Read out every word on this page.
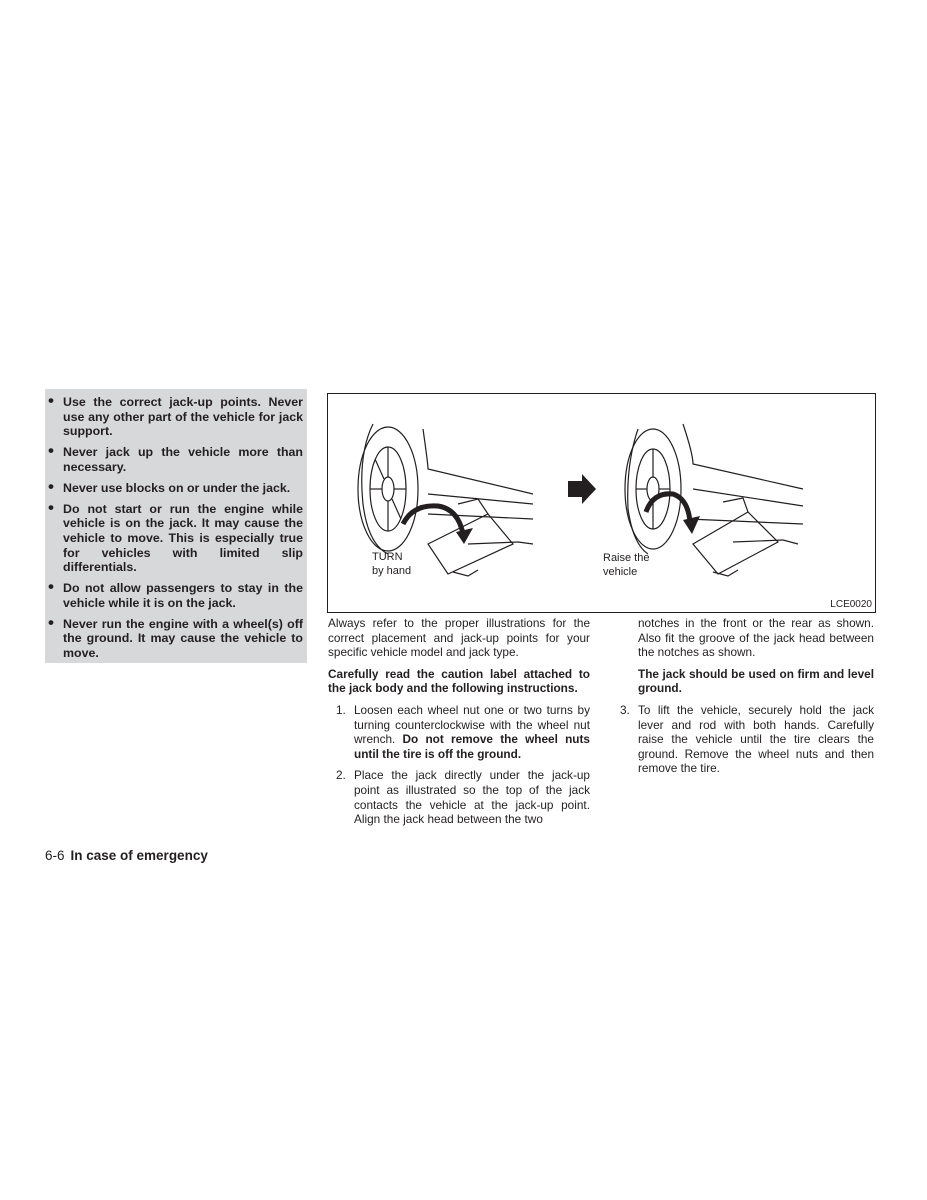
• Use the correct jack-up points. Never use any other part of the vehicle for jack support.
• Never jack up the vehicle more than necessary.
• Never use blocks on or under the jack.
• Do not start or run the engine while vehicle is on the jack. It may cause the vehicle to move. This is especially true for vehicles with limited slip differentials.
• Do not allow passengers to stay in the vehicle while it is on the jack.
• Never run the engine with a wheel(s) off the ground. It may cause the vehicle to move.
TURN
by hand
Raise the
vehicle
LCE0020

Always refer to the proper illustrations for the correct placement and jack-up points for your specific vehicle model and jack type.

Carefully read the caution label attached to the jack body and the following instructions.

1. Loosen each wheel nut one or two turns by turning counterclockwise with the wheel nut wrench. Do not remove the wheel nuts until the tire is off the ground.
2. Place the jack directly under the jack-up point as illustrated so the top of the jack contacts the vehicle at the jack-up point. Align the jack head between the two

notches in the front or the rear as shown. Also fit the groove of the jack head between the notches as shown.

The jack should be used on firm and level ground.

3. To lift the vehicle, securely hold the jack lever and rod with both hands. Carefully raise the vehicle until the tire clears the ground. Remove the wheel nuts and then remove the tire.
6-6 In case of emergency
